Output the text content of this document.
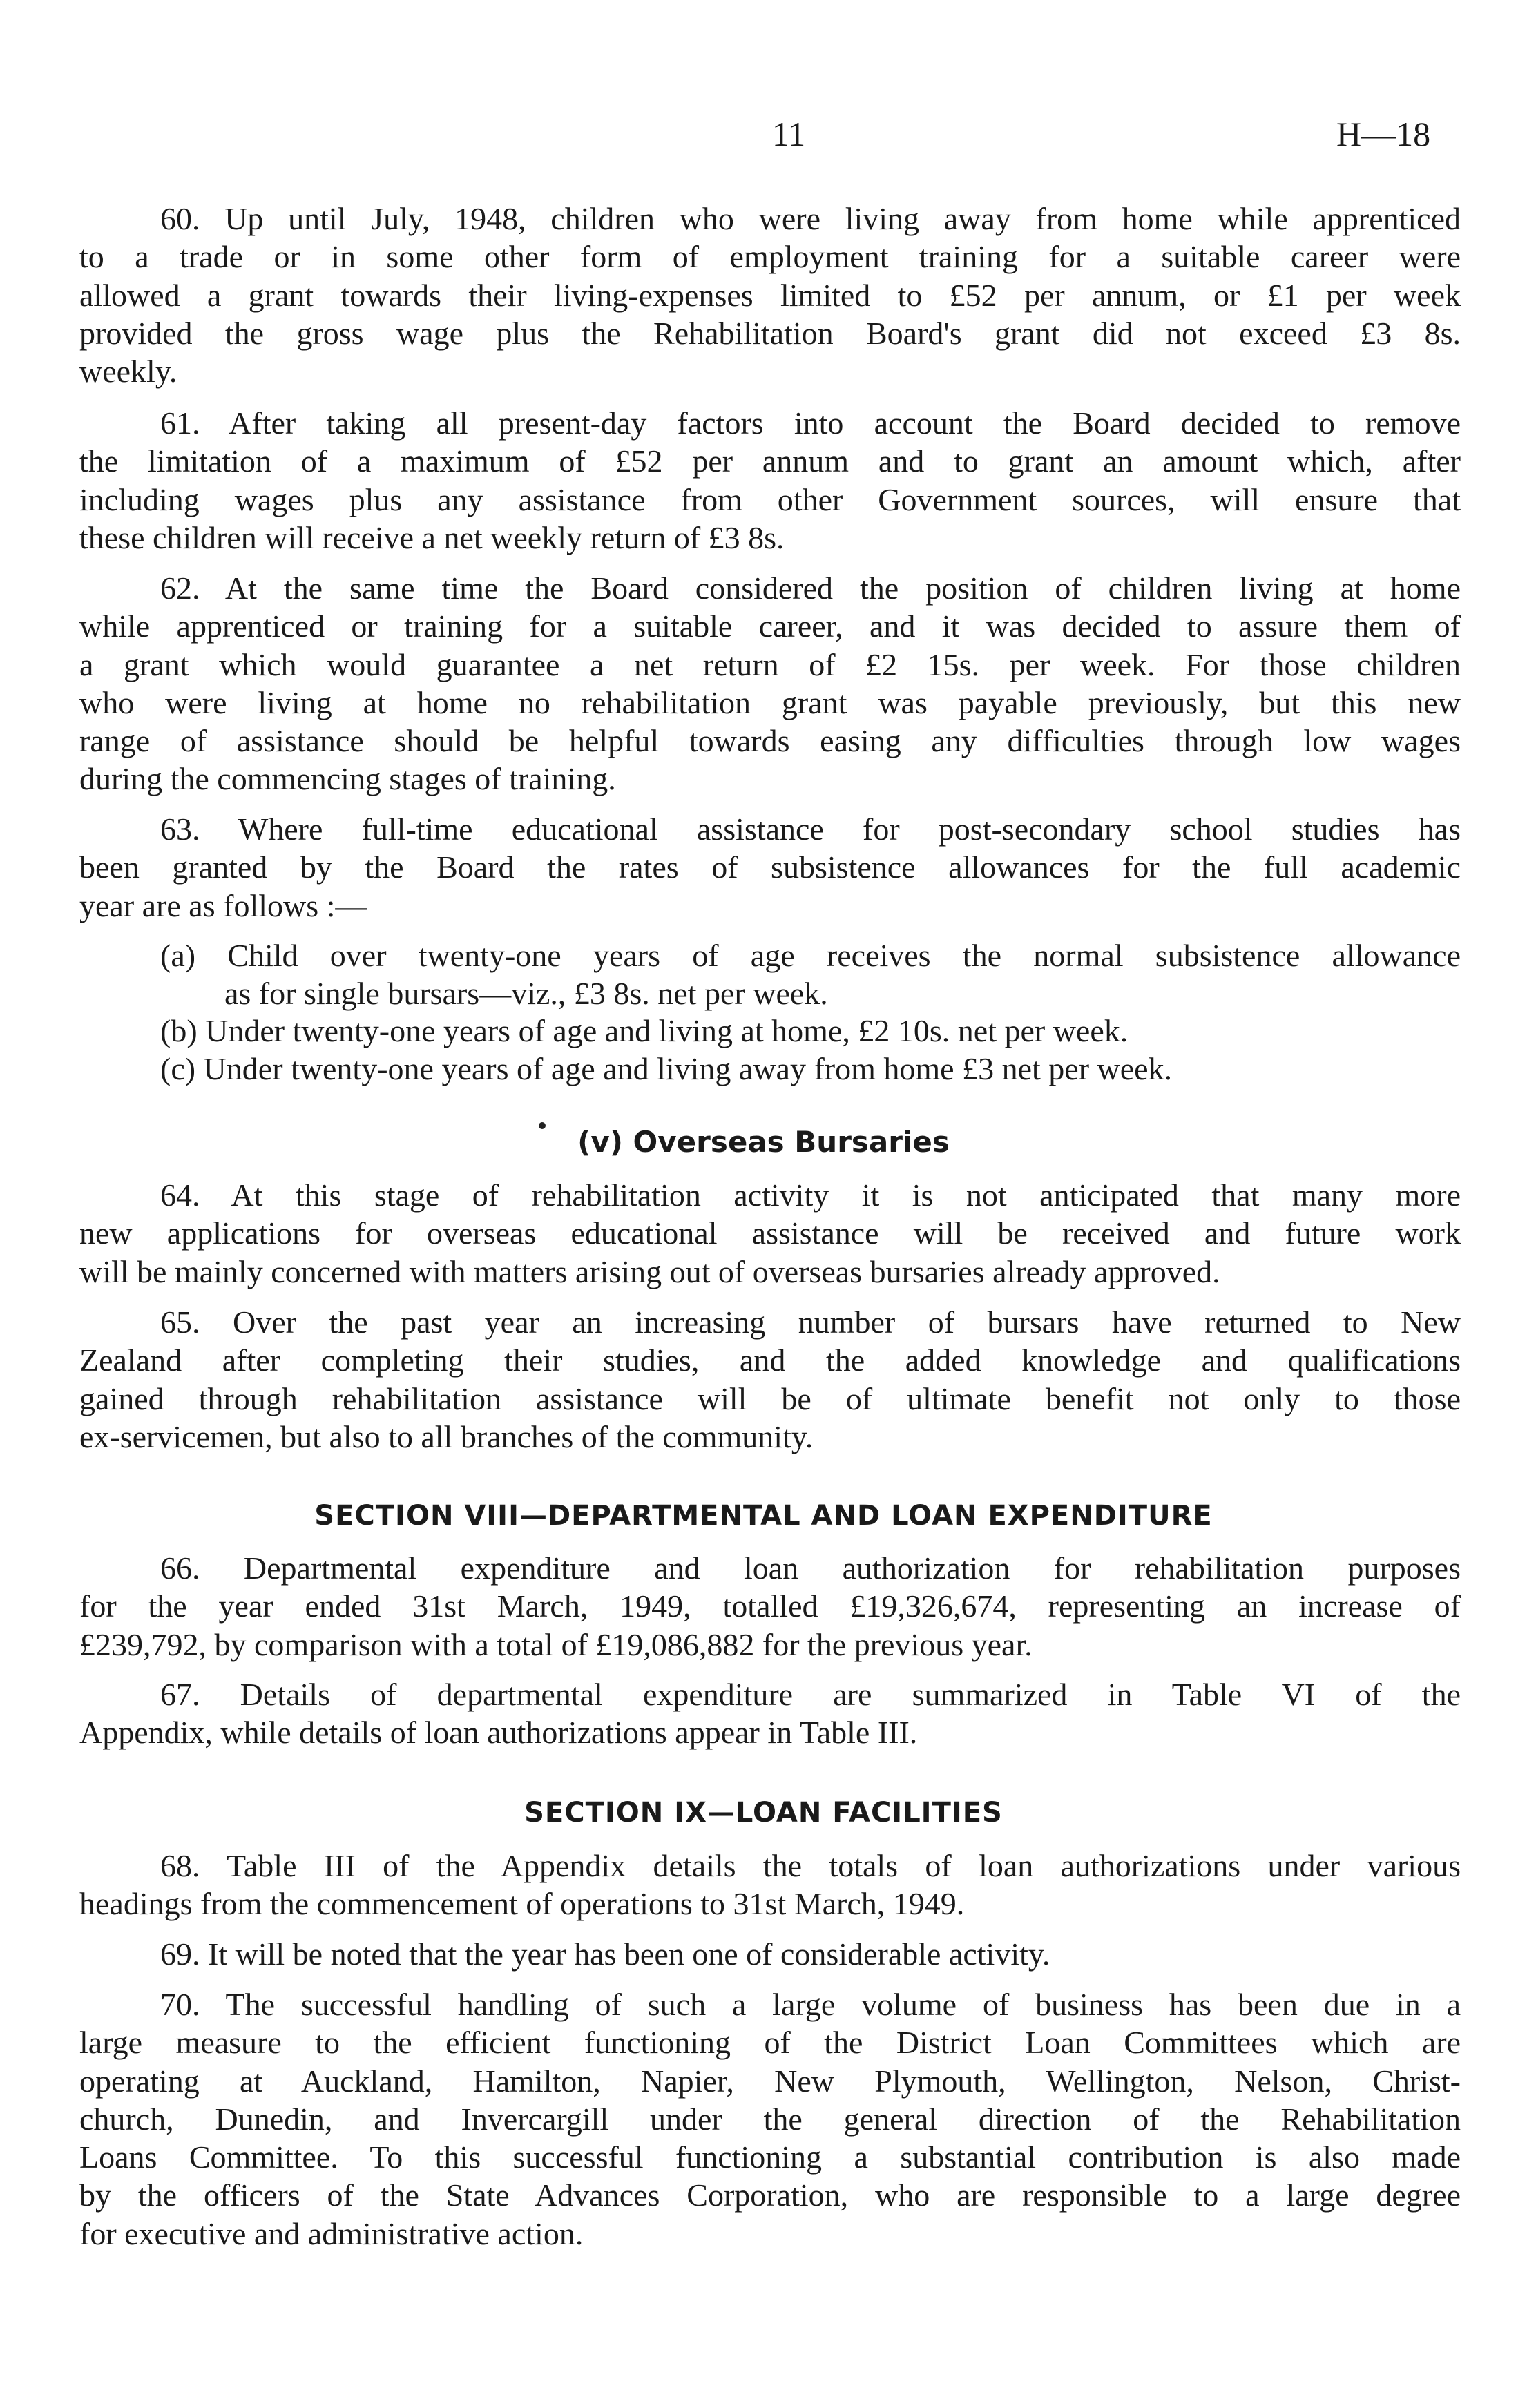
11	H—18
60. Up until July, 1948, children who were living away from home while apprenticed
to a trade or in some other form of employment training for a suitable career were
allowed a grant towards their living-expenses limited to £52 per annum, or £1 per week
provided the gross wage plus the Rehabilitation Board's grant did not exceed £3 8s.
weekly.
61. After taking all present-day factors into account the Board decided to remove
the limitation of a maximum of £52 per annum and to grant an amount which, after
including wages plus any assistance from other Government sources, will ensure that
these children will receive a net weekly return of £3 8s.
62. At the same time the Board considered the position of children living at home
while apprenticed or training for a suitable career, and it was decided to assure them of
a grant which would guarantee a net return of £2 15s. per week. For those children
who were living at home no rehabilitation grant was payable previously, but this new
range of assistance should be helpful towards easing any difficulties through low wages
during the commencing stages of training.
63. Where full-time educational assistance for post-secondary school studies has
been granted by the Board the rates of subsistence allowances for the full academic
year are as follows :—
(a) Child over twenty-one years of age receives the normal subsistence allowance
as for single bursars—viz., £3 8s. net per week.
(b) Under twenty-one years of age and living at home, £2 10s. net per week.
(c) Under twenty-one years of age and living away from home £3 net per week.
(v) Overseas Bursaries
64. At this stage of rehabilitation activity it is not anticipated that many more
new applications for overseas educational assistance will be received and future work
will be mainly concerned with matters arising out of overseas bursaries already approved.
65. Over the past year an increasing number of bursars have returned to New
Zealand after completing their studies, and the added knowledge and qualifications
gained through rehabilitation assistance will be of ultimate benefit not only to those
ex-servicemen, but also to all branches of the community.
SECTION VIII—DEPARTMENTAL AND LOAN EXPENDITURE
66. Departmental expenditure and loan authorization for rehabilitation purposes
for the year ended 31st March, 1949, totalled £19,326,674, representing an increase of
£239,792, by comparison with a total of £19,086,882 for the previous year.
67. Details of departmental expenditure are summarized in Table VI of the
Appendix, while details of loan authorizations appear in Table III.
SECTION IX—LOAN FACILITIES
68. Table III of the Appendix details the totals of loan authorizations under various
headings from the commencement of operations to 31st March, 1949.
69. It will be noted that the year has been one of considerable activity.
70. The successful handling of such a large volume of business has been due in a
large measure to the efficient functioning of the District Loan Committees which are
operating at Auckland, Hamilton, Napier, New Plymouth, Wellington, Nelson, Christ-
church, Dunedin, and Invercargill under the general direction of the Rehabilitation
Loans Committee. To this successful functioning a substantial contribution is also made
by the officers of the State Advances Corporation, who are responsible to a large degree
for executive and administrative action.
